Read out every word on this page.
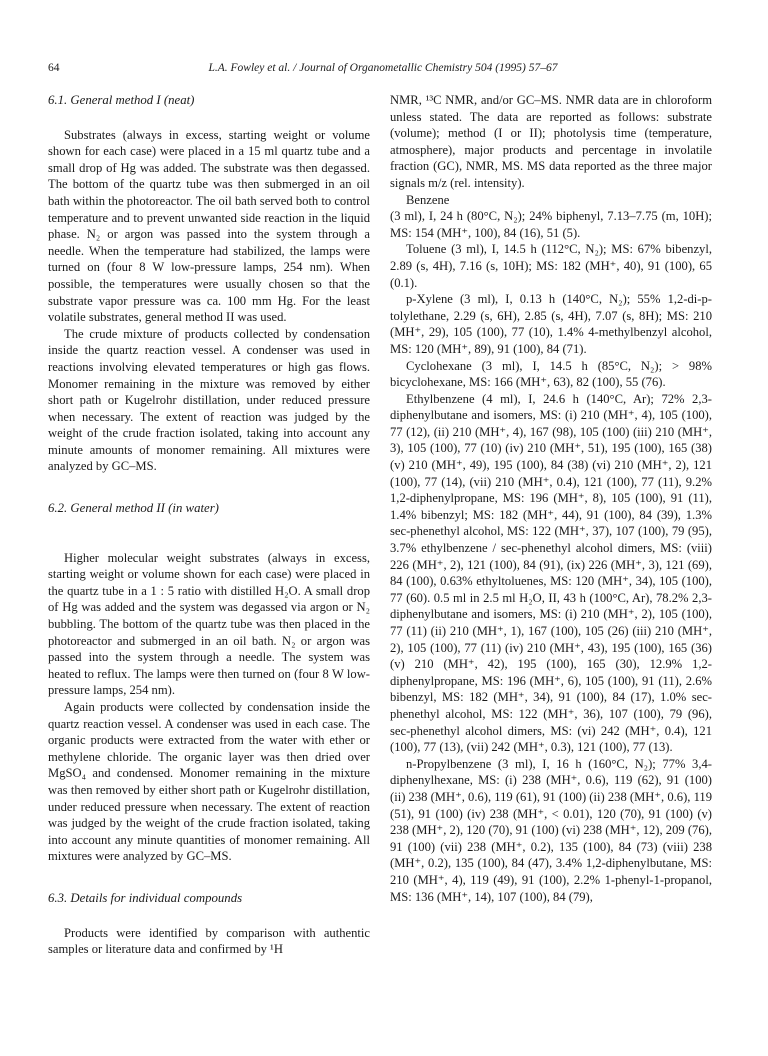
64	L.A. Fowley et al. / Journal of Organometallic Chemistry 504 (1995) 57–67
6.1. General method I (neat)

Substrates (always in excess, starting weight or volume shown for each case) were placed in a 15 ml quartz tube and a small drop of Hg was added. The substrate was then degassed. The bottom of the quartz tube was then submerged in an oil bath within the photoreactor. The oil bath served both to control temperature and to prevent unwanted side reaction in the liquid phase. N₂ or argon was passed into the system through a needle. When the temperature had stabilized, the lamps were turned on (four 8 W low-pressure lamps, 254 nm). When possible, the temperatures were usually chosen so that the substrate vapor pressure was ca. 100 mm Hg. For the least volatile substrates, general method II was used.

The crude mixture of products collected by condensation inside the quartz reaction vessel. A condenser was used in reactions involving elevated temperatures or high gas flows. Monomer remaining in the mixture was removed by either short path or Kugelrohr distillation, under reduced pressure when necessary. The extent of reaction was judged by the weight of the crude fraction isolated, taking into account any minute amounts of monomer remaining. All mixtures were analyzed by GC–MS.

6.2. General method II (in water)

Higher molecular weight substrates (always in excess, starting weight or volume shown for each case) were placed in the quartz tube in a 1 : 5 ratio with distilled H₂O. A small drop of Hg was added and the system was degassed via argon or N₂ bubbling. The bottom of the quartz tube was then placed in the photoreactor and submerged in an oil bath. N₂ or argon was passed into the system through a needle. The system was heated to reflux. The lamps were then turned on (four 8 W low-pressure lamps, 254 nm).

Again products were collected by condensation inside the quartz reaction vessel. A condenser was used in each case. The organic products were extracted from the water with ether or methylene chloride. The organic layer was then dried over MgSO₄ and condensed. Monomer remaining in the mixture was then removed by either short path or Kugelrohr distillation, under reduced pressure when necessary. The extent of reaction was judged by the weight of the crude fraction isolated, taking into account any minute quantities of monomer remaining. All mixtures were analyzed by GC–MS.

6.3. Details for individual compounds

Products were identified by comparison with authentic samples or literature data and confirmed by ¹H

NMR, ¹³C NMR, and/or GC–MS. NMR data are in chloroform unless stated. The data are reported as follows: substrate (volume); method (I or II); photolysis time (temperature, atmosphere), major products and percentage in involatile fraction (GC), NMR, MS. MS data reported as the three major signals m/z (rel. intensity).

Benzene

(3 ml), I, 24 h (80°C, N₂); 24% biphenyl, 7.13–7.75 (m, 10H); MS: 154 (MH⁺, 100), 84 (16), 51 (5).

Toluene (3 ml), I, 14.5 h (112°C, N₂); MS: 67% bibenzyl, 2.89 (s, 4H), 7.16 (s, 10H); MS: 182 (MH⁺, 40), 91 (100), 65 (0.1).

p-Xylene (3 ml), I, 0.13 h (140°C, N₂); 55% 1,2-di-p-tolylethane, 2.29 (s, 6H), 2.85 (s, 4H), 7.07 (s, 8H); MS: 210 (MH⁺, 29), 105 (100), 77 (10), 1.4% 4-methylbenzyl alcohol, MS: 120 (MH⁺, 89), 91 (100), 84 (71).

Cyclohexane (3 ml), I, 14.5 h (85°C, N₂); > 98% bicyclohexane, MS: 166 (MH⁺, 63), 82 (100), 55 (76).

Ethylbenzene (4 ml), I, 24.6 h (140°C, Ar); 72% 2,3-diphenylbutane and isomers, MS: (i) 210 (MH⁺, 4), 105 (100), 77 (12), (ii) 210 (MH⁺, 4), 167 (98), 105 (100) (iii) 210 (MH⁺, 3), 105 (100), 77 (10) (iv) 210 (MH⁺, 51), 195 (100), 165 (38) (v) 210 (MH⁺, 49), 195 (100), 84 (38) (vi) 210 (MH⁺, 2), 121 (100), 77 (14), (vii) 210 (MH⁺, 0.4), 121 (100), 77 (11), 9.2% 1,2-diphenylpropane, MS: 196 (MH⁺, 8), 105 (100), 91 (11), 1.4% bibenzyl; MS: 182 (MH⁺, 44), 91 (100), 84 (39), 1.3% sec-phenethyl alcohol, MS: 122 (MH⁺, 37), 107 (100), 79 (95), 3.7% ethylbenzene / sec-phenethyl alcohol dimers, MS: (viii) 226 (MH⁺, 2), 121 (100), 84 (91), (ix) 226 (MH⁺, 3), 121 (69), 84 (100), 0.63% ethyltoluenes, MS: 120 (MH⁺, 34), 105 (100), 77 (60). 0.5 ml in 2.5 ml H₂O, II, 43 h (100°C, Ar), 78.2% 2,3-diphenylbutane and isomers, MS: (i) 210 (MH⁺, 2), 105 (100), 77 (11) (ii) 210 (MH⁺, 1), 167 (100), 105 (26) (iii) 210 (MH⁺, 2), 105 (100), 77 (11) (iv) 210 (MH⁺, 43), 195 (100), 165 (36) (v) 210 (MH⁺, 42), 195 (100), 165 (30), 12.9% 1,2-diphenylpropane, MS: 196 (MH⁺, 6), 105 (100), 91 (11), 2.6% bibenzyl, MS: 182 (MH⁺, 34), 91 (100), 84 (17), 1.0% sec-phenethyl alcohol, MS: 122 (MH⁺, 36), 107 (100), 79 (96), sec-phenethyl alcohol dimers, MS: (vi) 242 (MH⁺, 0.4), 121 (100), 77 (13), (vii) 242 (MH⁺, 0.3), 121 (100), 77 (13).

n-Propylbenzene (3 ml), I, 16 h (160°C, N₂); 77% 3,4-diphenylhexane, MS: (i) 238 (MH⁺, 0.6), 119 (62), 91 (100) (ii) 238 (MH⁺, 0.6), 119 (61), 91 (100) (ii) 238 (MH⁺, 0.6), 119 (51), 91 (100) (iv) 238 (MH⁺, < 0.01), 120 (70), 91 (100) (v) 238 (MH⁺, 2), 120 (70), 91 (100) (vi) 238 (MH⁺, 12), 209 (76), 91 (100) (vii) 238 (MH⁺, 0.2), 135 (100), 84 (73) (viii) 238 (MH⁺, 0.2), 135 (100), 84 (47), 3.4% 1,2-diphenylbutane, MS: 210 (MH⁺, 4), 119 (49), 91 (100), 2.2% 1-phenyl-1-propanol, MS: 136 (MH⁺, 14), 107 (100), 84 (79),
